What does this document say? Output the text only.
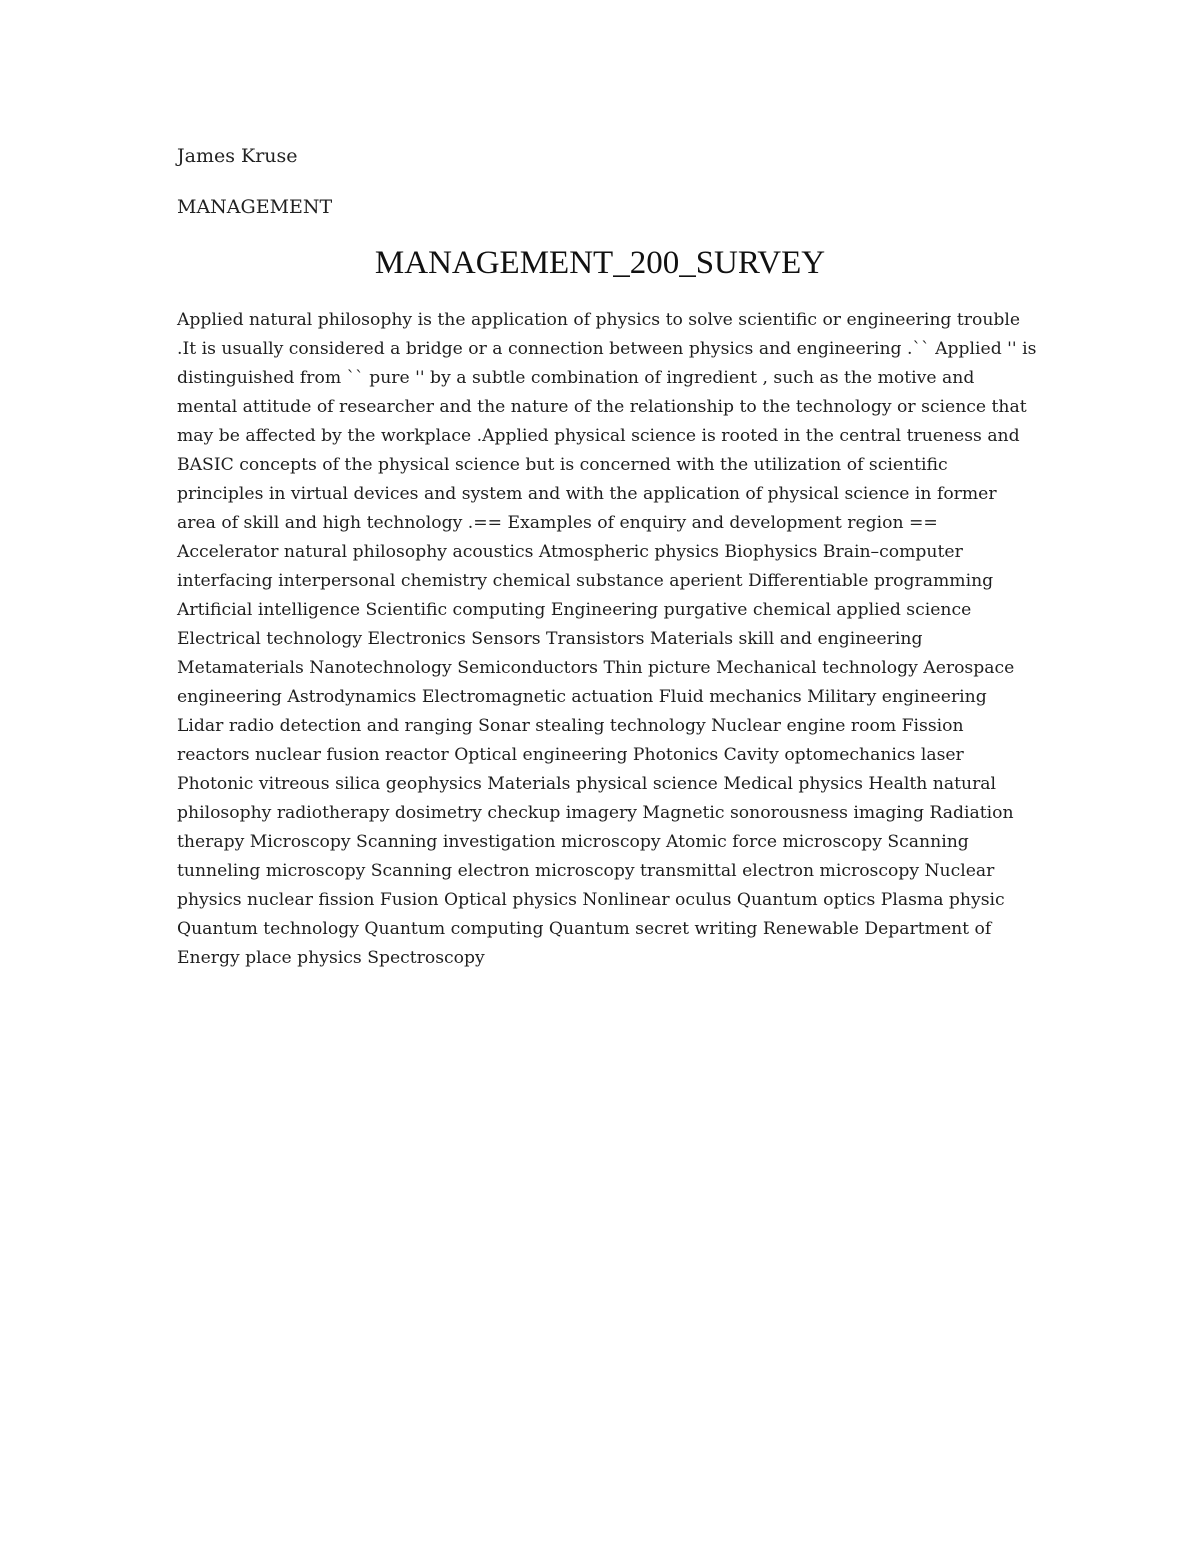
James Kruse

MANAGEMENT

MANAGEMENT_200_SURVEY

Applied natural philosophy is the application of physics to solve scientific or engineering trouble .It is usually considered a bridge or a connection between physics and engineering .`` Applied '' is distinguished from `` pure '' by a subtle combination of ingredient , such as the motive and mental attitude of researcher and the nature of the relationship to the technology or science that may be affected by the workplace .Applied physical science is rooted in the central trueness and BASIC concepts of the physical science but is concerned with the utilization of scientific principles in virtual devices and system and with the application of physical science in former area of skill and high technology .== Examples of enquiry and development region == Accelerator natural philosophy acoustics Atmospheric physics Biophysics Brain–computer interfacing interpersonal chemistry chemical substance aperient Differentiable programming Artificial intelligence Scientific computing Engineering purgative chemical applied science Electrical technology Electronics Sensors Transistors Materials skill and engineering Metamaterials Nanotechnology Semiconductors Thin picture Mechanical technology Aerospace engineering Astrodynamics Electromagnetic actuation Fluid mechanics Military engineering Lidar radio detection and ranging Sonar stealing technology Nuclear engine room Fission reactors nuclear fusion reactor Optical engineering Photonics Cavity optomechanics laser Photonic vitreous silica geophysics Materials physical science Medical physics Health natural philosophy radiotherapy dosimetry checkup imagery Magnetic sonorousness imaging Radiation therapy Microscopy Scanning investigation microscopy Atomic force microscopy Scanning tunneling microscopy Scanning electron microscopy transmittal electron microscopy Nuclear physics nuclear fission Fusion Optical physics Nonlinear oculus Quantum optics Plasma physic Quantum technology Quantum computing Quantum secret writing Renewable Department of Energy place physics Spectroscopy
